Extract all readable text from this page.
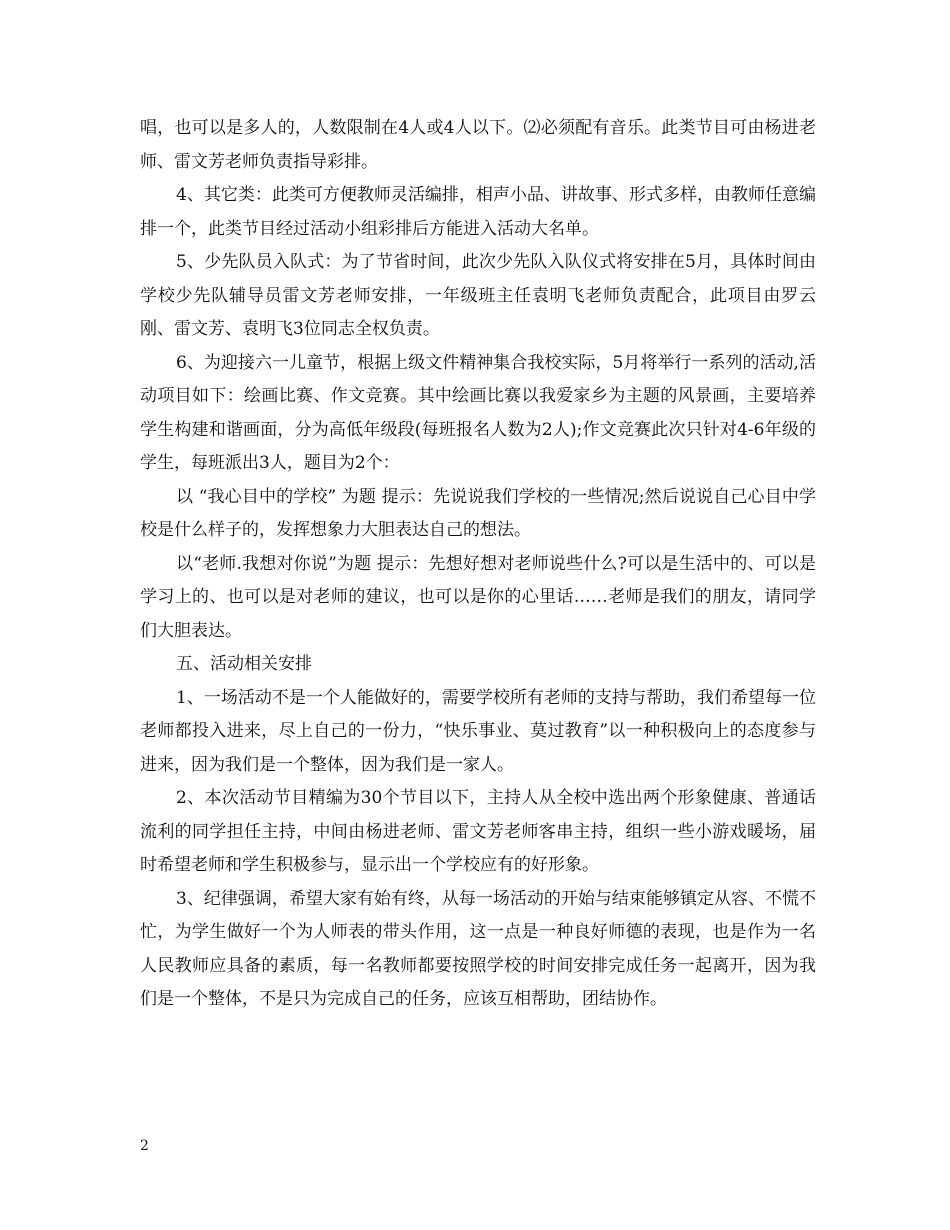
唱，也可以是多人的，人数限制在4人或4人以下。⑵必须配有音乐。此类节目可由杨进老师、雷文芳老师负责指导彩排。

4、其它类：此类可方便教师灵活编排，相声小品、讲故事、形式多样，由教师任意编排一个，此类节目经过活动小组彩排后方能进入活动大名单。

5、少先队员入队式：为了节省时间，此次少先队入队仪式将安排在5月，具体时间由学校少先队辅导员雷文芳老师安排，一年级班主任袁明飞老师负责配合，此项目由罗云刚、雷文芳、袁明飞3位同志全权负责。

6、为迎接六一儿童节，根据上级文件精神集合我校实际，5月将举行一系列的活动,活动项目如下：绘画比赛、作文竞赛。其中绘画比赛以我爱家乡为主题的风景画，主要培养学生构建和谐画面，分为高低年级段(每班报名人数为2人);作文竞赛此次只针对4-6年级的学生，每班派出3人，题目为2个：

以 “我心目中的学校” 为题 提示：先说说我们学校的一些情况;然后说说自己心目中学校是什么样子的，发挥想象力大胆表达自己的想法。

以“老师.我想对你说”为题 提示：先想好想对老师说些什么?可以是生活中的、可以是学习上的、也可以是对老师的建议，也可以是你的心里话……老师是我们的朋友，请同学们大胆表达。

五、活动相关安排

1、一场活动不是一个人能做好的，需要学校所有老师的支持与帮助，我们希望每一位老师都投入进来，尽上自己的一份力，“快乐事业、莫过教育”以一种积极向上的态度参与进来，因为我们是一个整体，因为我们是一家人。

2、本次活动节目精编为30个节目以下，主持人从全校中选出两个形象健康、普通话流利的同学担任主持，中间由杨进老师、雷文芳老师客串主持，组织一些小游戏暖场，届时希望老师和学生积极参与，显示出一个学校应有的好形象。

3、纪律强调，希望大家有始有终，从每一场活动的开始与结束能够镇定从容、不慌不忙，为学生做好一个为人师表的带头作用，这一点是一种良好师德的表现，也是作为一名人民教师应具备的素质，每一名教师都要按照学校的时间安排完成任务一起离开，因为我们是一个整体，不是只为完成自己的任务，应该互相帮助，团结协作。

2
